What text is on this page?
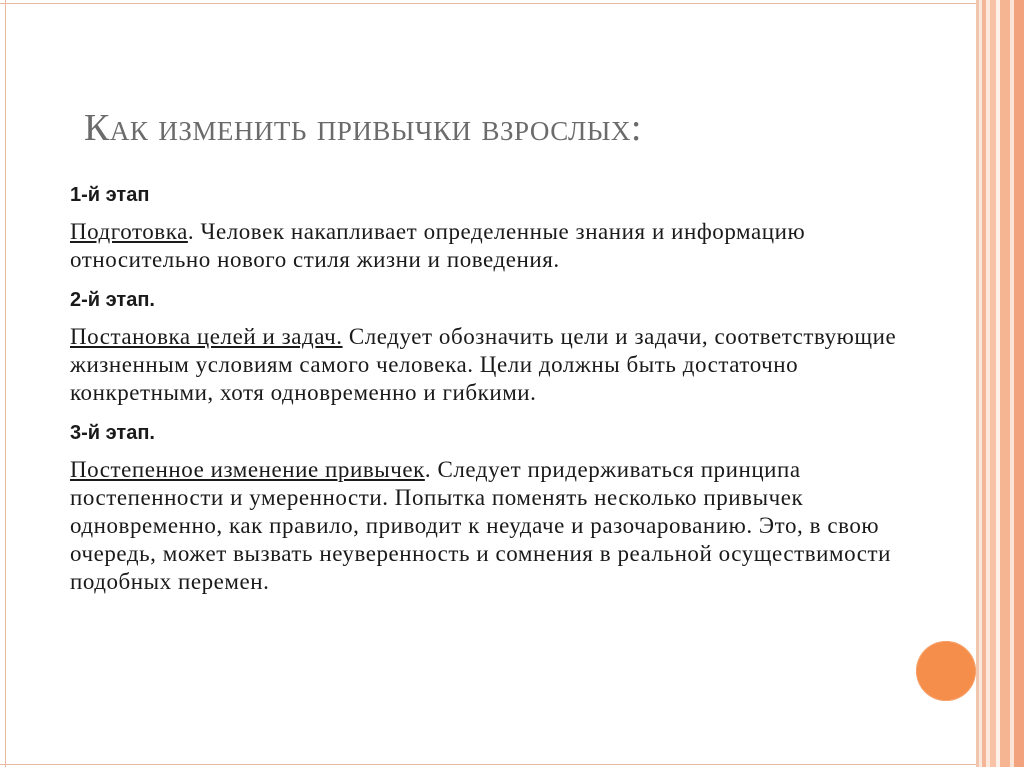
Как изменить привычки взрослых:

1-й этап

Подготовка. Человек накапливает определенные знания и информацию относительно нового стиля жизни и поведения.

2-й этап.

Постановка целей и задач. Следует обозначить цели и задачи, соответствующие жизненным условиям самого человека. Цели должны быть достаточно конкретными, хотя одновременно и гибкими.

3-й этап.

Постепенное изменение привычек. Следует придерживаться принципа постепенности и умеренности. Попытка поменять несколько привычек одновременно, как правило, приводит к неудаче и разочарованию. Это, в свою очередь, может вызвать неуверенность и сомнения в реальной осуществимости подобных перемен.
